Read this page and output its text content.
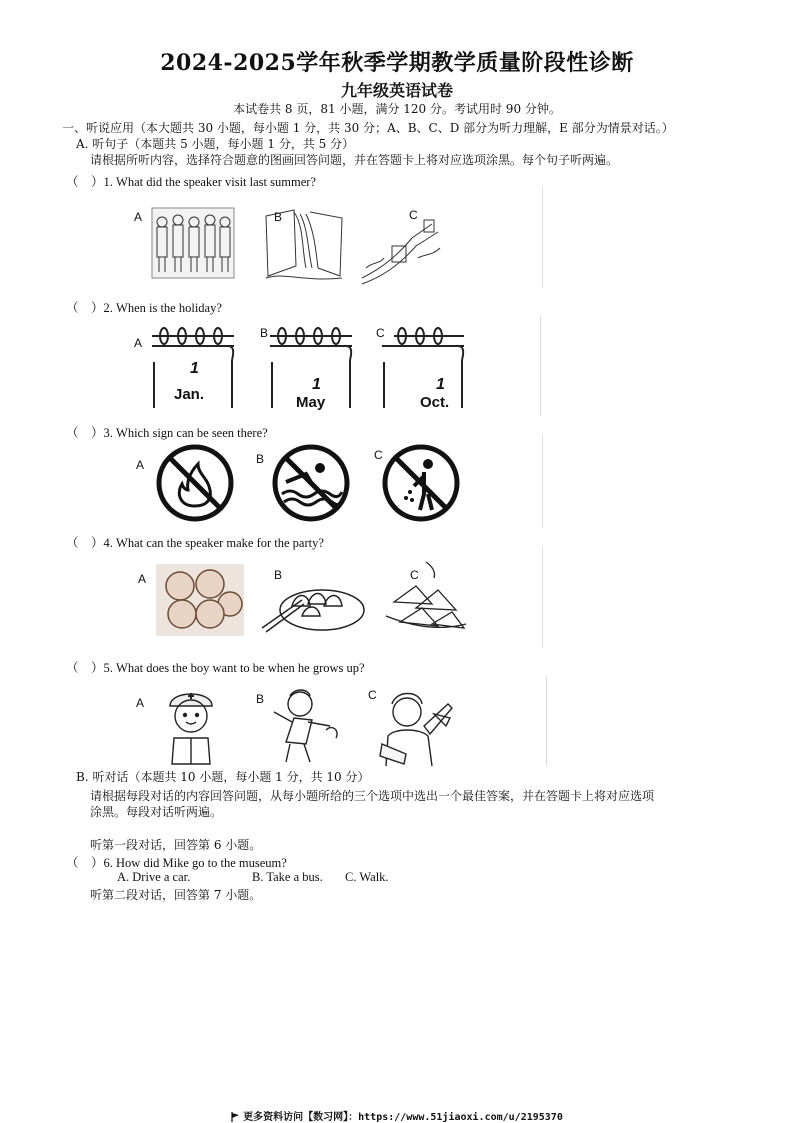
2024-2025学年秋季学期教学质量阶段性诊断
九年级英语试卷
本试卷共 8 页，81 小题，满分 120 分。考试用时 90 分钟。
一、听说应用（本大题共 30 小题，每小题 1 分，共 30 分；A、B、C、D 部分为听力理解，E 部分为情景对话。）
A. 听句子（本题共 5 小题，每小题 1 分，共 5 分）
请根据所听内容，选择符合题意的图画回答问题，并在答题卡上将对应选项涂黑。每个句子听两遍。
（　）1. What did the speaker visit last summer?
A	B	C
（　）2. When is the holiday?
A
1
Jan.
B
1
May
C
1
Oct.
（　）3. Which sign can be seen there?
A	B	C
（　）4. What can the speaker make for the party?
A	B	C
（　）5. What does the boy want to be when he grows up?
A	B	C
B. 听对话（本题共 10 小题，每小题 1 分，共 10 分）
请根据每段对话的内容回答问题，从每小题所给的三个选项中选出一个最佳答案，并在答题卡上将对应选项
涂黑。每段对话听两遍。
听第一段对话，回答第 6 小题。
（　）6. How did Mike go to the museum?
A. Drive a car.	B. Take a bus. C. Walk.
听第二段对话，回答第 7 小题。
更多资料访问【数习网】：https://www.51jiaoxi.com/u/2195370
